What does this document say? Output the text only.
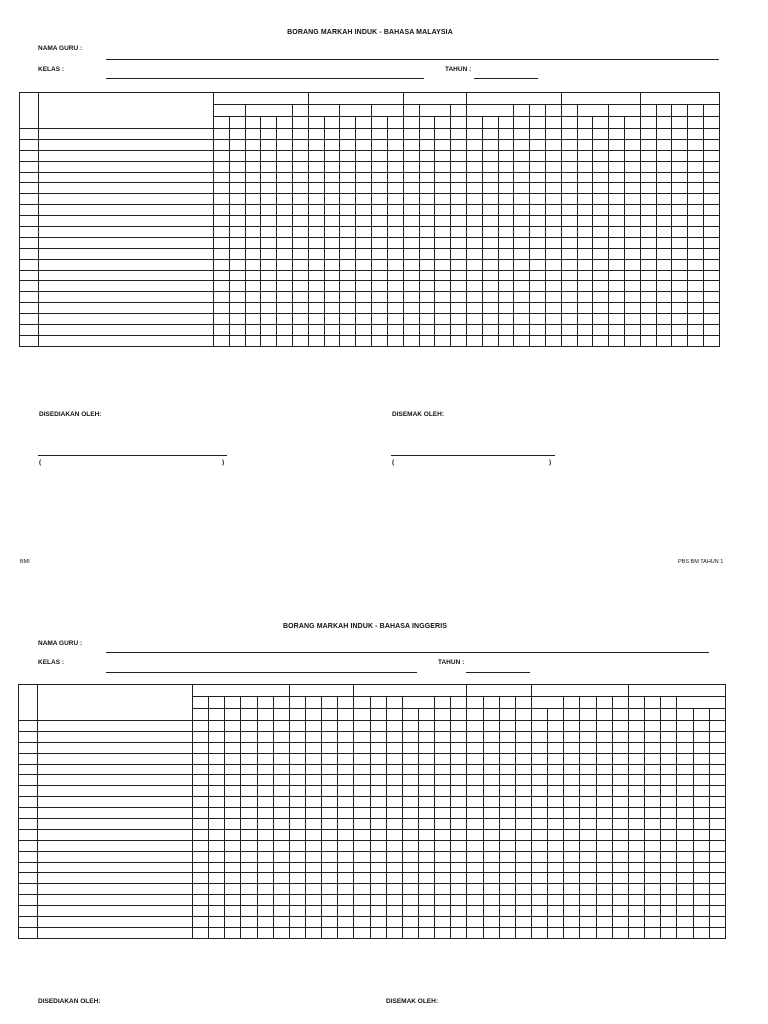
BORANG MARKAH INDUK - BAHASA MALAYSIA
NAMA GURU :
KELAS :	TAHUN :

DISEDIAKAN OLEH:	DISEMAK OLEH:
(	)	(	)
BMI	PBS BM TAHUN 1
BORANG MARKAH INDUK - BAHASA INGGERIS
NAMA GURU :
KELAS :	TAHUN :

DISEDIAKAN OLEH:	DISEMAK OLEH:
